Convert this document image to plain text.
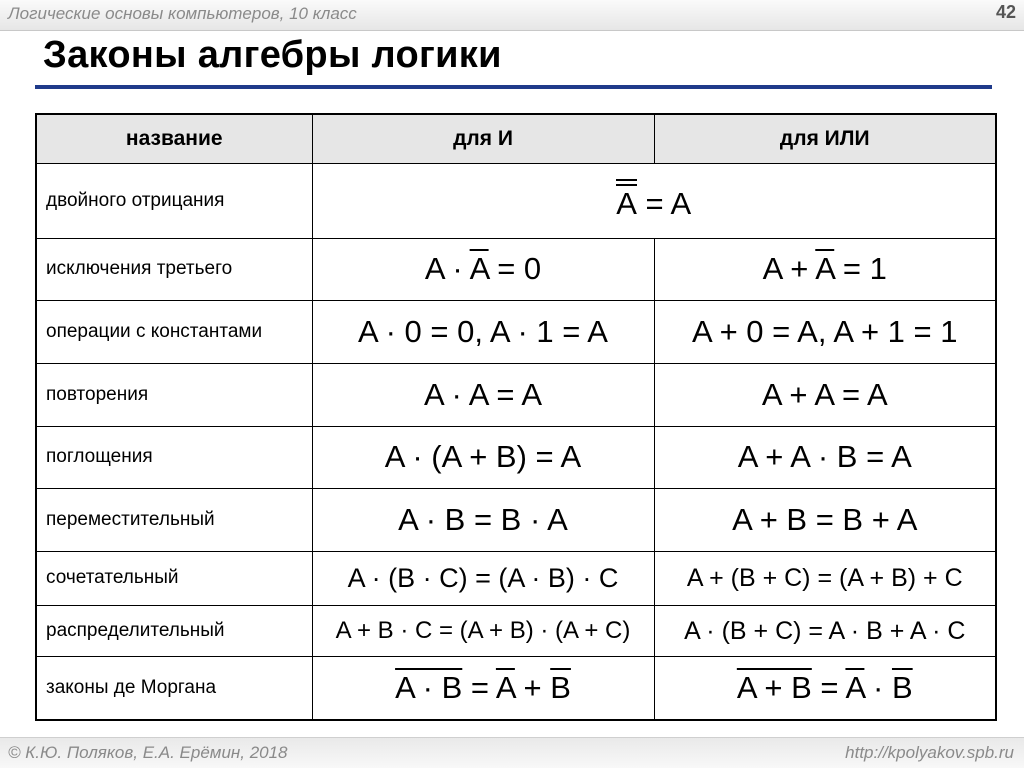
Логические основы компьютеров, 10 класс	42
Законы алгебры логики
название	для И	для ИЛИ
двойного отрицания	A = A	
исключения третьего	$A \cdot \overline{A} = 0$	$A + \overline{A} = 1$
операции с константами	A · 0 = 0, A · 1 = A	A + 0 = A, A + 1 = 1
повторения	A · A = A	A + A = A
поглощения	A · (A + B) = A	A + A · B = A
переместительный	A · B = B · A	A + B = B + A
сочетательный	A · (B · C) = (A · B) · C	A + (B + C) = (A + B) + C
распределительный	A + B · C = (A + B) · (A + C)	A · (B + C) = A · B + A · C
законы де Моргана	$A \cdot B = \overline{A} + \overline{B}$	$A + B = \overline{A} \cdot \overline{B}$
© К.Ю. Поляков, Е.А. Ерёмин, 2018	http://kpolyakov.spb.ru
